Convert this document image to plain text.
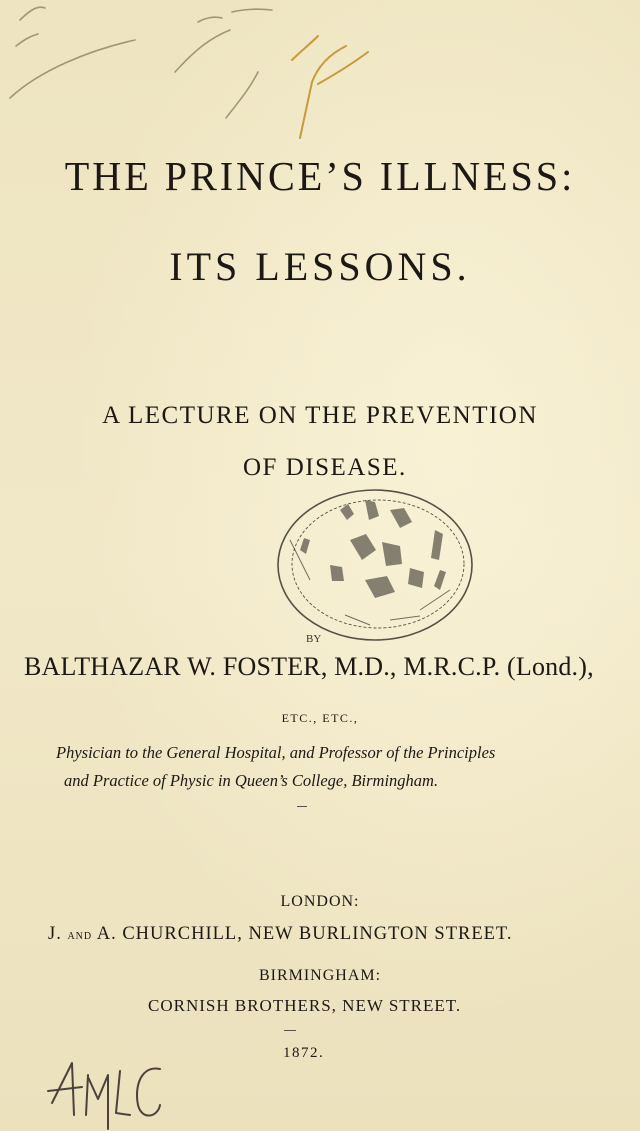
THE PRINCE’S ILLNESS:
ITS LESSONS.
A LECTURE ON THE PREVENTION
OF DISEASE.
BY
BALTHAZAR W. FOSTER, M.D., M.R.C.P. (Lond.),
ETC., ETC.,
Physician to the General Hospital, and Professor of the Principles
and Practice of Physic in Queen’s College, Birmingham.
LONDON:
J. AND A. CHURCHILL, NEW BURLINGTON STREET.
BIRMINGHAM:
CORNISH BROTHERS, NEW STREET.
1872.
